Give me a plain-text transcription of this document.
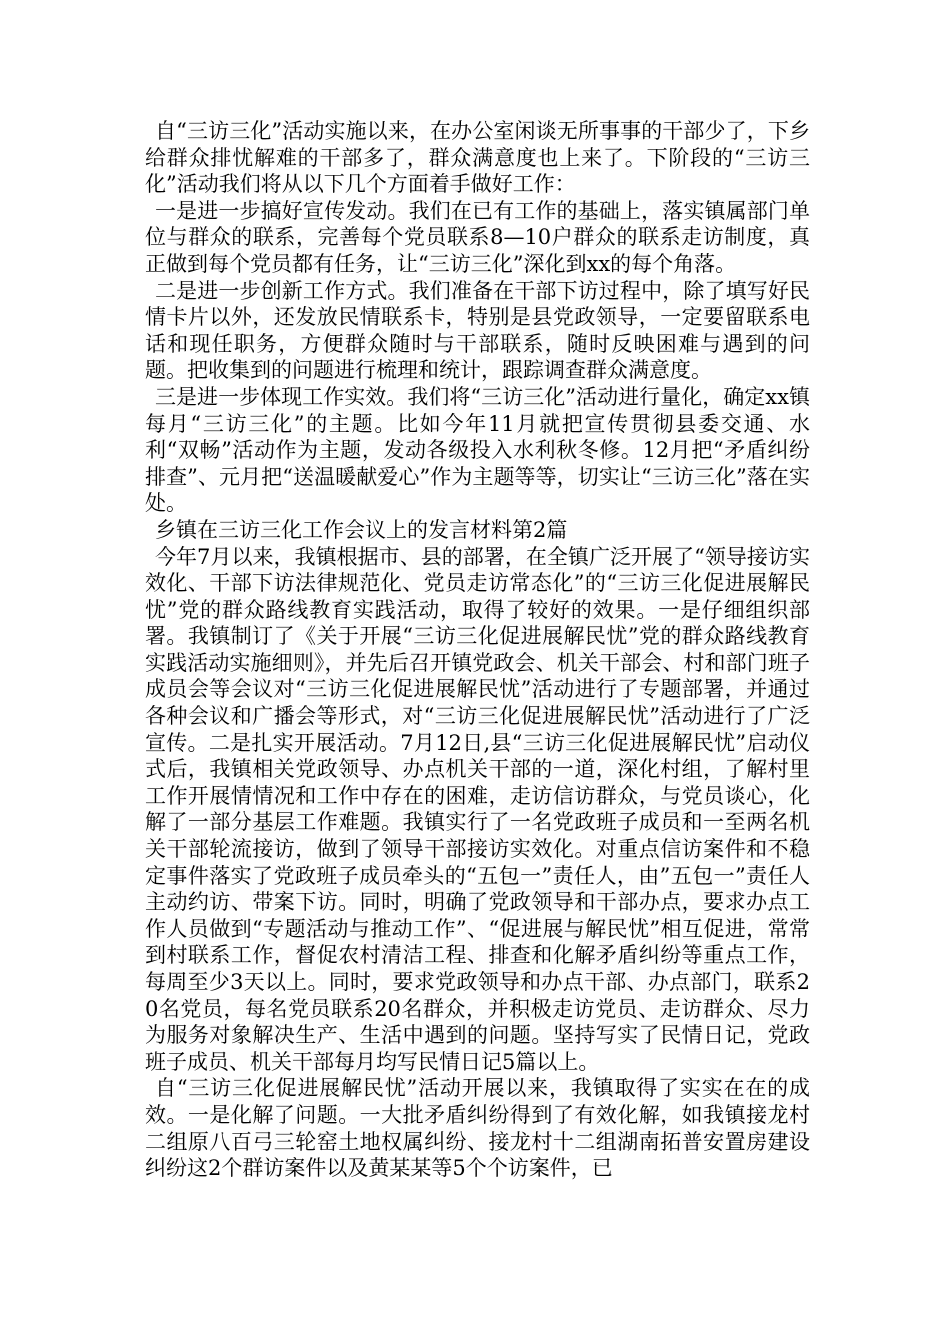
自“三访三化”活动实施以来，在办公室闲谈无所事事的干部少了，下乡给群众排忧解难的干部多了，群众满意度也上来了。下阶段的“三访三化”活动我们将从以下几个方面着手做好工作：

一是进一步搞好宣传发动。我们在已有工作的基础上，落实镇属部门单位与群众的联系，完善每个党员联系8—10户群众的联系走访制度，真正做到每个党员都有任务，让“三访三化”深化到xx的每个角落。

二是进一步创新工作方式。我们准备在干部下访过程中，除了填写好民情卡片以外，还发放民情联系卡，特别是县党政领导，一定要留联系电话和现任职务，方便群众随时与干部联系，随时反映困难与遇到的问题。把收集到的问题进行梳理和统计，跟踪调查群众满意度。

三是进一步体现工作实效。我们将“三访三化”活动进行量化，确定xx镇每月“三访三化”的主题。比如今年11月就把宣传贯彻县委交通、水利“双畅”活动作为主题，发动各级投入水利秋冬修。12月把“矛盾纠纷排查”、元月把“送温暖献爱心”作为主题等等，切实让“三访三化”落在实处。

乡镇在三访三化工作会议上的发言材料第2篇

今年7月以来，我镇根据市、县的部署，在全镇广泛开展了“领导接访实效化、干部下访法律规范化、党员走访常态化”的“三访三化促进展解民忧”党的群众路线教育实践活动，取得了较好的效果。一是仔细组织部署。我镇制订了《关于开展“三访三化促进展解民忧”党的群众路线教育实践活动实施细则》，并先后召开镇党政会、机关干部会、村和部门班子成员会等会议对“三访三化促进展解民忧”活动进行了专题部署，并通过各种会议和广播会等形式，对“三访三化促进展解民忧”活动进行了广泛宣传。二是扎实开展活动。7月12日,县“三访三化促进展解民忧”启动仪式后，我镇相关党政领导、办点机关干部的一道，深化村组，了解村里工作开展情情况和工作中存在的困难，走访信访群众，与党员谈心，化解了一部分基层工作难题。我镇实行了一名党政班子成员和一至两名机关干部轮流接访，做到了领导干部接访实效化。对重点信访案件和不稳定事件落实了党政班子成员牵头的“五包一”责任人，由”五包一”责任人主动约访、带案下访。同时，明确了党政领导和干部办点，要求办点工作人员做到“专题活动与推动工作”、“促进展与解民忧”相互促进，常常到村联系工作，督促农村清洁工程、排查和化解矛盾纠纷等重点工作，每周至少3天以上。同时，要求党政领导和办点干部、办点部门，联系20名党员，每名党员联系20名群众，并积极走访党员、走访群众、尽力为服务对象解决生产、生活中遇到的问题。坚持写实了民情日记，党政班子成员、机关干部每月均写民情日记5篇以上。

自“三访三化促进展解民忧”活动开展以来，我镇取得了实实在在的成效。一是化解了问题。一大批矛盾纠纷得到了有效化解，如我镇接龙村二组原八百弓三轮窑土地权属纠纷、接龙村十二组湖南拓普安置房建设纠纷这2个群访案件以及黄某某等5个个访案件，已
